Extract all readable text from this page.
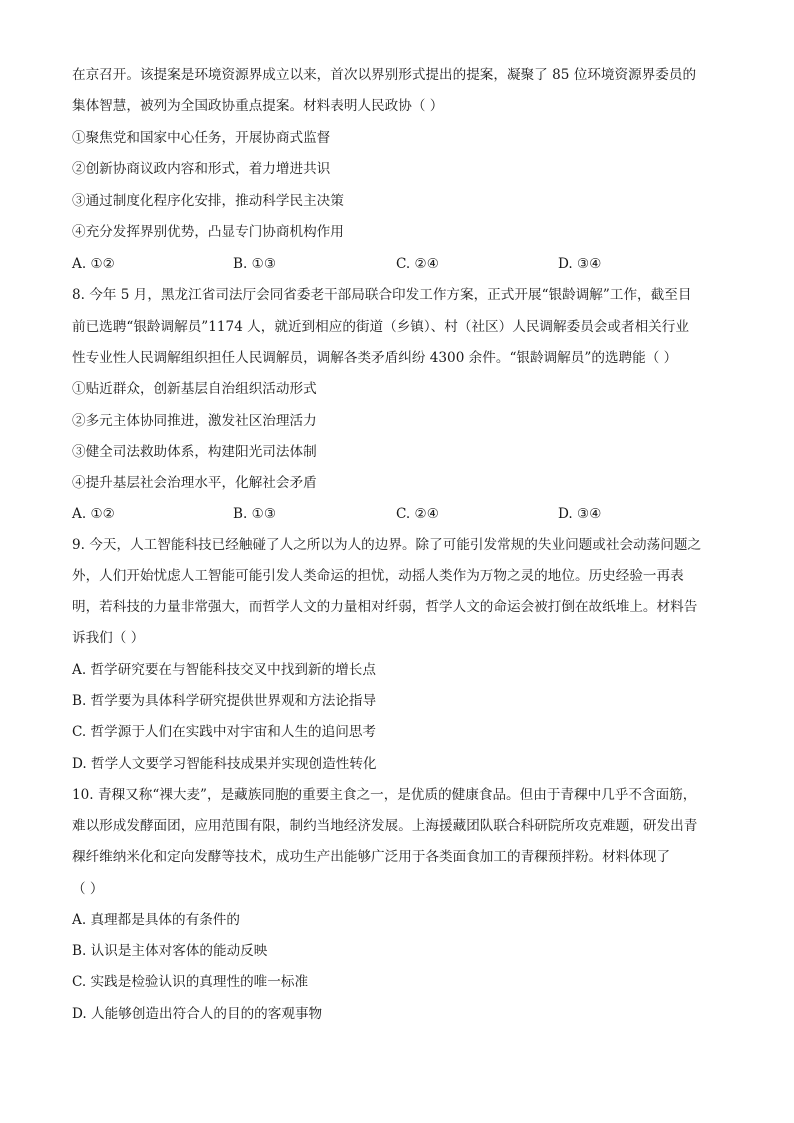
在京召开。该提案是环境资源界成立以来，首次以界别形式提出的提案，凝聚了 85 位环境资源界委员的
集体智慧，被列为全国政协重点提案。材料表明人民政协（ ）
①聚焦党和国家中心任务，开展协商式监督
②创新协商议政内容和形式，着力增进共识
③通过制度化程序化安排，推动科学民主决策
④充分发挥界别优势，凸显专门协商机构作用
A. ①②	B. ①③	C. ②④	D. ③④
8. 今年 5 月，黑龙江省司法厅会同省委老干部局联合印发工作方案，正式开展“银龄调解”工作，截至目
前已选聘“银龄调解员”1174 人，就近到相应的街道（乡镇）、村（社区）人民调解委员会或者相关行业
性专业性人民调解组织担任人民调解员，调解各类矛盾纠纷 4300 余件。“银龄调解员”的选聘能（ ）
①贴近群众，创新基层自治组织活动形式
②多元主体协同推进，激发社区治理活力
③健全司法救助体系，构建阳光司法体制
④提升基层社会治理水平，化解社会矛盾
A. ①②	B. ①③	C. ②④	D. ③④
9. 今天，人工智能科技已经触碰了人之所以为人的边界。除了可能引发常规的失业问题或社会动荡问题之
外，人们开始忧虑人工智能可能引发人类命运的担忧，动摇人类作为万物之灵的地位。历史经验一再表
明，若科技的力量非常强大，而哲学人文的力量相对纤弱，哲学人文的命运会被打倒在故纸堆上。材料告
诉我们（ ）
A. 哲学研究要在与智能科技交叉中找到新的增长点
B. 哲学要为具体科学研究提供世界观和方法论指导
C. 哲学源于人们在实践中对宇宙和人生的追问思考
D. 哲学人文要学习智能科技成果并实现创造性转化
10. 青稞又称“裸大麦”，是藏族同胞的重要主食之一，是优质的健康食品。但由于青稞中几乎不含面筋，
难以形成发酵面团，应用范围有限，制约当地经济发展。上海援藏团队联合科研院所攻克难题，研发出青
稞纤维纳米化和定向发酵等技术，成功生产出能够广泛用于各类面食加工的青稞预拌粉。材料体现了
（ ）
A. 真理都是具体的有条件的
B. 认识是主体对客体的能动反映
C. 实践是检验认识的真理性的唯一标准
D. 人能够创造出符合人的目的的客观事物
